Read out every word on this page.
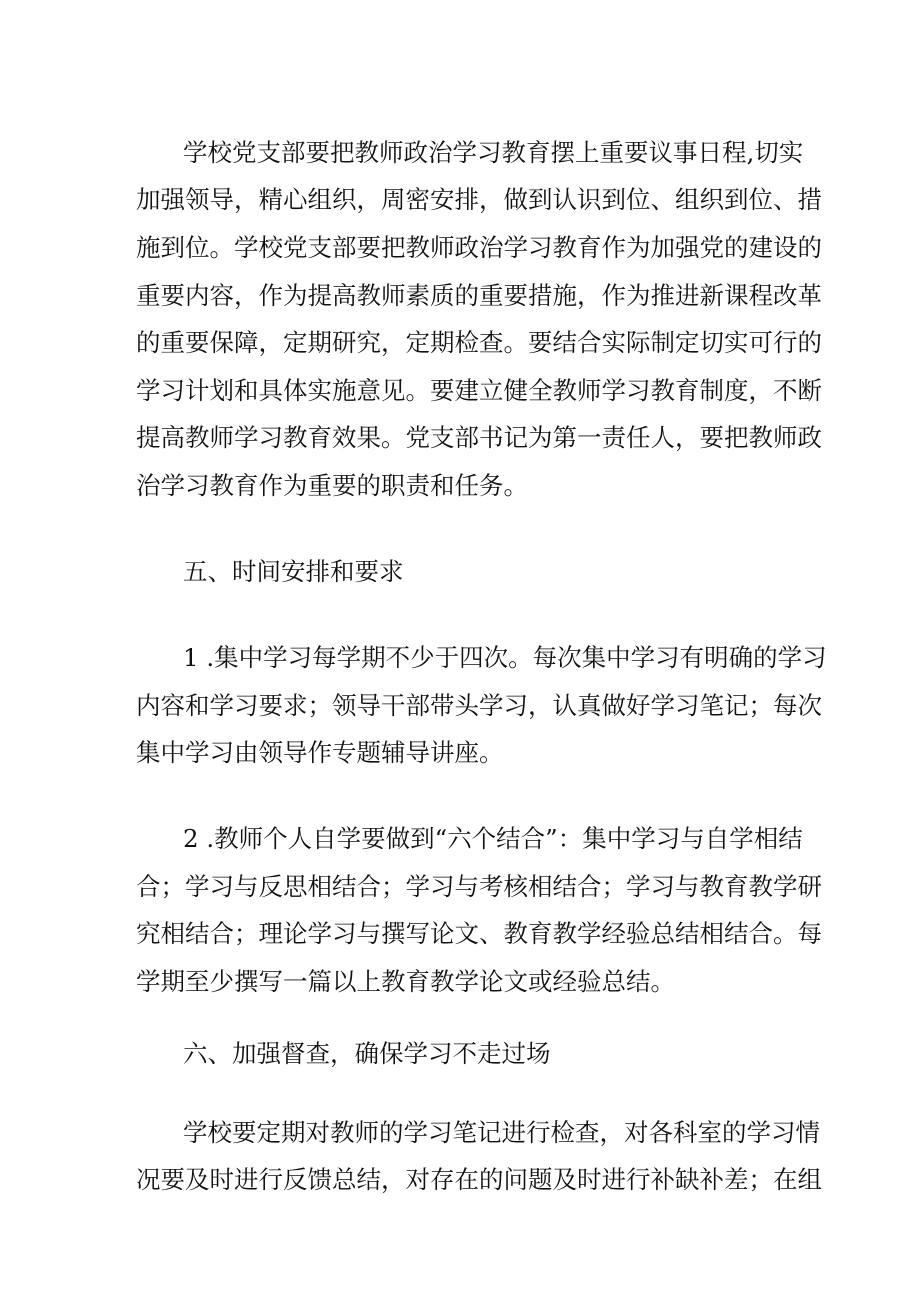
学校党支部要把教师政治学习教育摆上重要议事日程,切实
加强领导，精心组织，周密安排，做到认识到位、组织到位、措
施到位。学校党支部要把教师政治学习教育作为加强党的建设的
重要内容，作为提高教师素质的重要措施，作为推进新课程改革
的重要保障，定期研究，定期检查。要结合实际制定切实可行的
学习计划和具体实施意见。要建立健全教师学习教育制度，不断
提高教师学习教育效果。党支部书记为第一责任人，要把教师政
治学习教育作为重要的职责和任务。
五、时间安排和要求
1 .集中学习每学期不少于四次。每次集中学习有明确的学习
内容和学习要求；领导干部带头学习，认真做好学习笔记；每次
集中学习由领导作专题辅导讲座。
2 .教师个人自学要做到“六个结合”：集中学习与自学相结
合；学习与反思相结合；学习与考核相结合；学习与教育教学研
究相结合；理论学习与撰写论文、教育教学经验总结相结合。每
学期至少撰写一篇以上教育教学论文或经验总结。
六、加强督查，确保学习不走过场
学校要定期对教师的学习笔记进行检查，对各科室的学习情
况要及时进行反馈总结，对存在的问题及时进行补缺补差；在组
